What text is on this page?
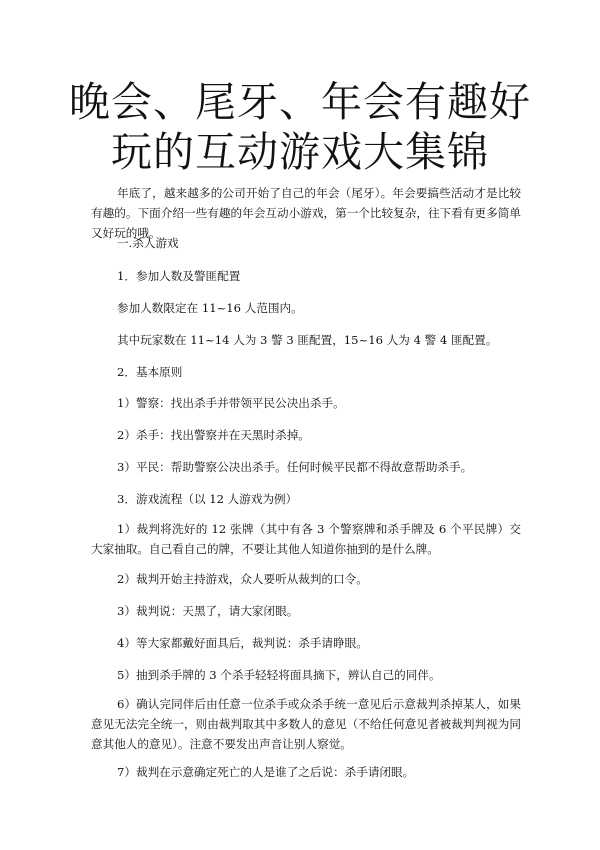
晚会、尾牙、年会有趣好
玩的互动游戏大集锦

年底了，越来越多的公司开始了自己的年会（尾牙）。年会要搞些活动才是比较有趣的。下面介绍一些有趣的年会互动小游戏，第一个比较复杂，往下看有更多简单又好玩的哦。

一.杀人游戏

1．参加人数及警匪配置

参加人数限定在 11~16 人范围内。

其中玩家数在 11~14 人为 3 警 3 匪配置，15~16 人为 4 警 4 匪配置。

2．基本原则

1）警察：找出杀手并带领平民公决出杀手。

2）杀手：找出警察并在天黑时杀掉。

3）平民：帮助警察公决出杀手。任何时候平民都不得故意帮助杀手。

3．游戏流程（以 12 人游戏为例）

1）裁判将洗好的 12 张牌（其中有各 3 个警察牌和杀手牌及 6 个平民牌）交大家抽取。自己看自己的牌，不要让其他人知道你抽到的是什么牌。

2）裁判开始主持游戏，众人要听从裁判的口令。

3）裁判说：天黑了，请大家闭眼。

4）等大家都戴好面具后，裁判说：杀手请睁眼。

5）抽到杀手牌的 3 个杀手轻轻将面具摘下，辨认自己的同伴。

6）确认完同伴后由任意一位杀手或众杀手统一意见后示意裁判杀掉某人，如果意见无法完全统一，则由裁判取其中多数人的意见（不给任何意见者被裁判判视为同意其他人的意见）。注意不要发出声音让别人察觉。

7）裁判在示意确定死亡的人是谁了之后说：杀手请闭眼。
